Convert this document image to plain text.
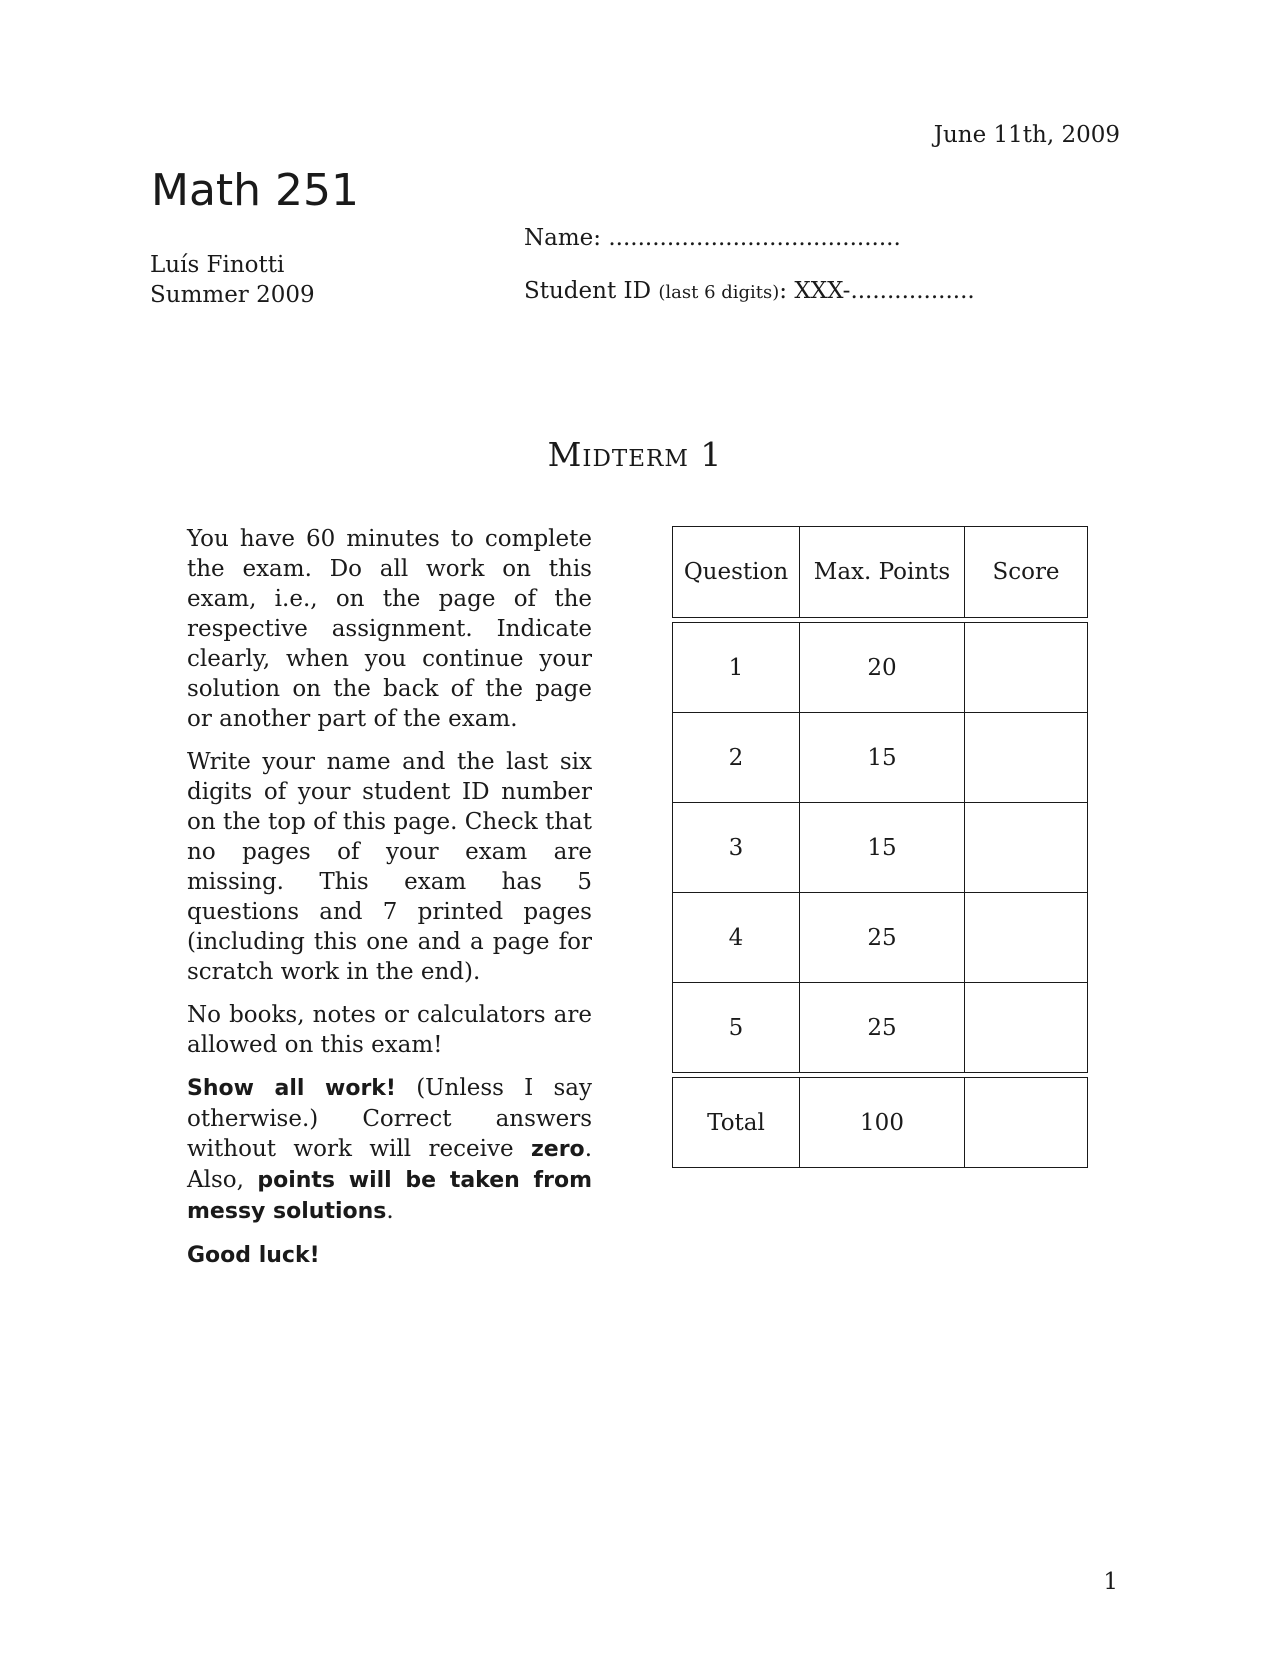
June 11th, 2009
Math 251
Luís Finotti
Summer 2009
Name: ........................................
Student ID (last 6 digits): XXX-.................
Midterm 1

You have 60 minutes to complete the exam. Do all work on this exam, i.e., on the page of the respective assignment. Indicate clearly, when you continue your solution on the back of the page or another part of the exam.

Write your name and the last six digits of your student ID number on the top of this page. Check that no pages of your exam are missing. This exam has 5 questions and 7 printed pages (including this one and a page for scratch work in the end).

No books, notes or calculators are allowed on this exam!

Show all work! (Unless I say otherwise.) Correct answers without work will receive zero. Also, points will be taken from messy solutions.

Good luck!

Question	Max. Points	Score

1	20	
2	15	
3	15	
4	25	
5	25	

Total	100	
1
